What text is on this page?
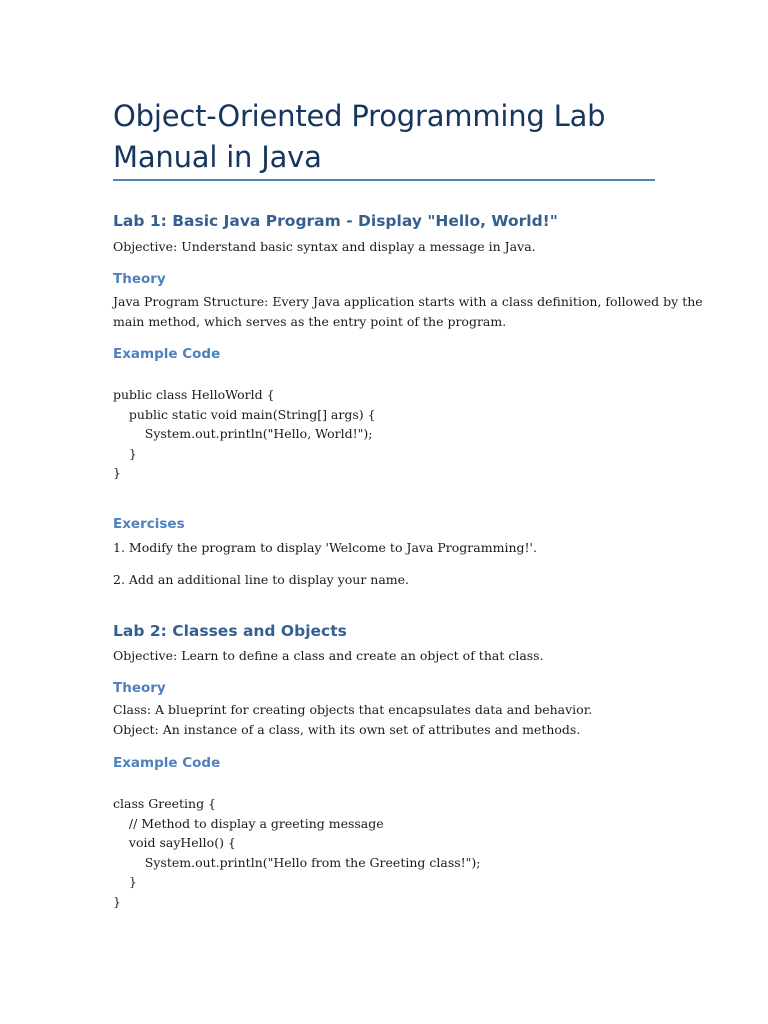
Object-Oriented Programming Lab
Manual in Java
Lab 1: Basic Java Program - Display "Hello, World!"

Objective: Understand basic syntax and display a message in Java.

Theory

Java Program Structure: Every Java application starts with a class definition, followed by the

main method, which serves as the entry point of the program.

Example Code
public class HelloWorld {
public static void main(String[] args) {
System.out.println("Hello, World!");
}
}
Exercises

1. Modify the program to display 'Welcome to Java Programming!'.

2. Add an additional line to display your name.

Lab 2: Classes and Objects

Objective: Learn to define a class and create an object of that class.

Theory

Class: A blueprint for creating objects that encapsulates data and behavior.

Object: An instance of a class, with its own set of attributes and methods.

Example Code
class Greeting {
// Method to display a greeting message
void sayHello() {
System.out.println("Hello from the Greeting class!");
}
}
